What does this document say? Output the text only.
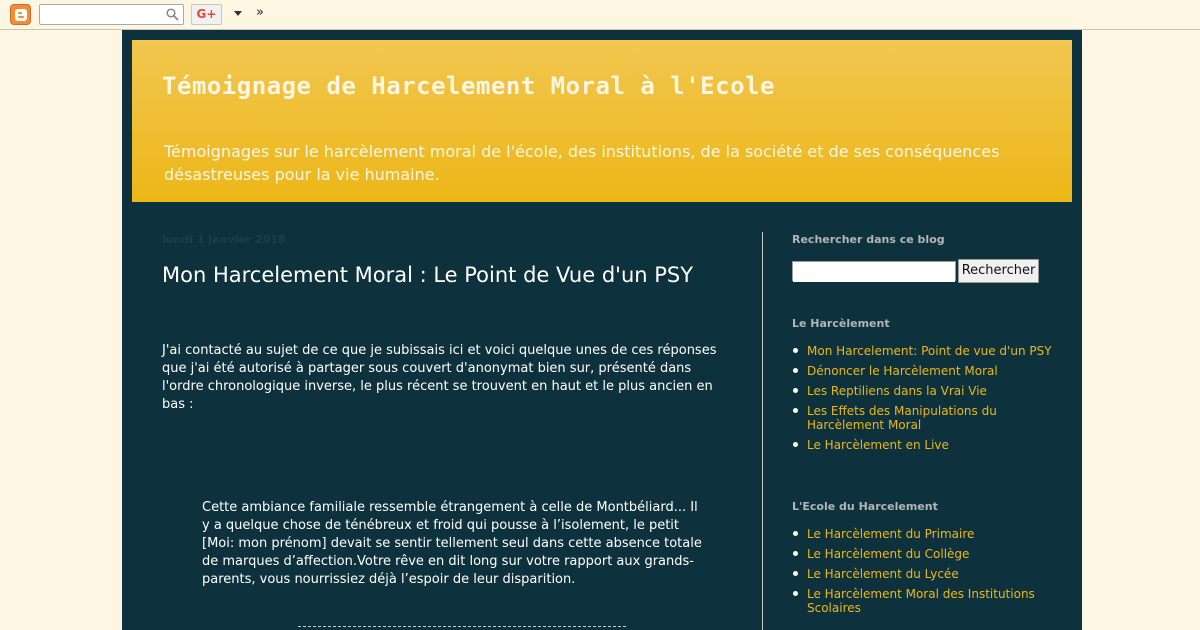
G+	»
Témoignage de Harcelement Moral à l'Ecole
Témoignages sur le harcèlement moral de l'école, des institutions, de la société et de ses conséquences désastreuses pour la vie humaine.
lundi 1 janvier 2018
Mon Harcelement Moral : Le Point de Vue d'un PSY
J'ai contacté au sujet de ce que je subissais ici et voici quelque unes de ces réponses que j'ai été autorisé à partager sous couvert d'anonymat bien sur, présenté dans l'ordre chronologique inverse, le plus récent se trouvent en haut et le plus ancien en bas :
Cette ambiance familiale ressemble étrangement à celle de Montbéliard... Il y a quelque chose de ténébreux et froid qui pousse à l’isolement, le petit [Moi: mon prénom] devait se sentir tellement seul dans cette absence totale de marques d’affection.Votre rêve en dit long sur votre rapport aux grands-parents, vous nourrissiez déjà l’espoir de leur disparition.
Rechercher dans ce blog
Rechercher
Le Harcèlement
Mon Harcelement: Point de vue d'un PSY
Dénoncer le Harcèlement Moral
Les Reptiliens dans la Vrai Vie
Les Effets des Manipulations du Harcèlement Moral
Le Harcèlement en Live
L'Ecole du Harcelement
Le Harcèlement du Primaire
Le Harcèlement du Collège
Le Harcèlement du Lycée
Le Harcèlement Moral des Institutions Scolaires
